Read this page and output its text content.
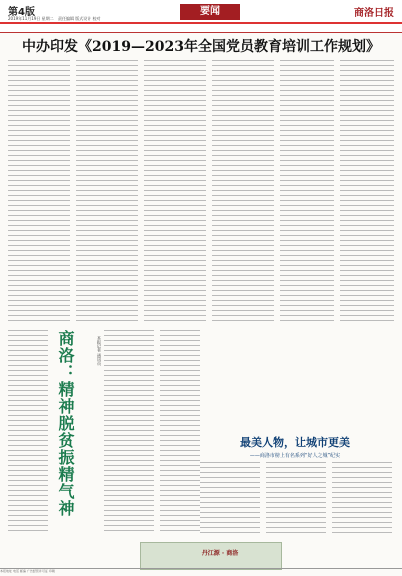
第4版
2019年11月19日 星期二 责任编辑 版式设计 校对
要闻	商洛日报
中办印发《2019—2023年全国党员教育培训工作规划》
商洛：精神脱贫振精气神	本报记者 通讯员
最美人物，让城市更美
——商洛市榜上有名系列“好人之城”纪实
丹江源 · 商洛
本报地址 电话 邮编 广告经营许可证 印刷
